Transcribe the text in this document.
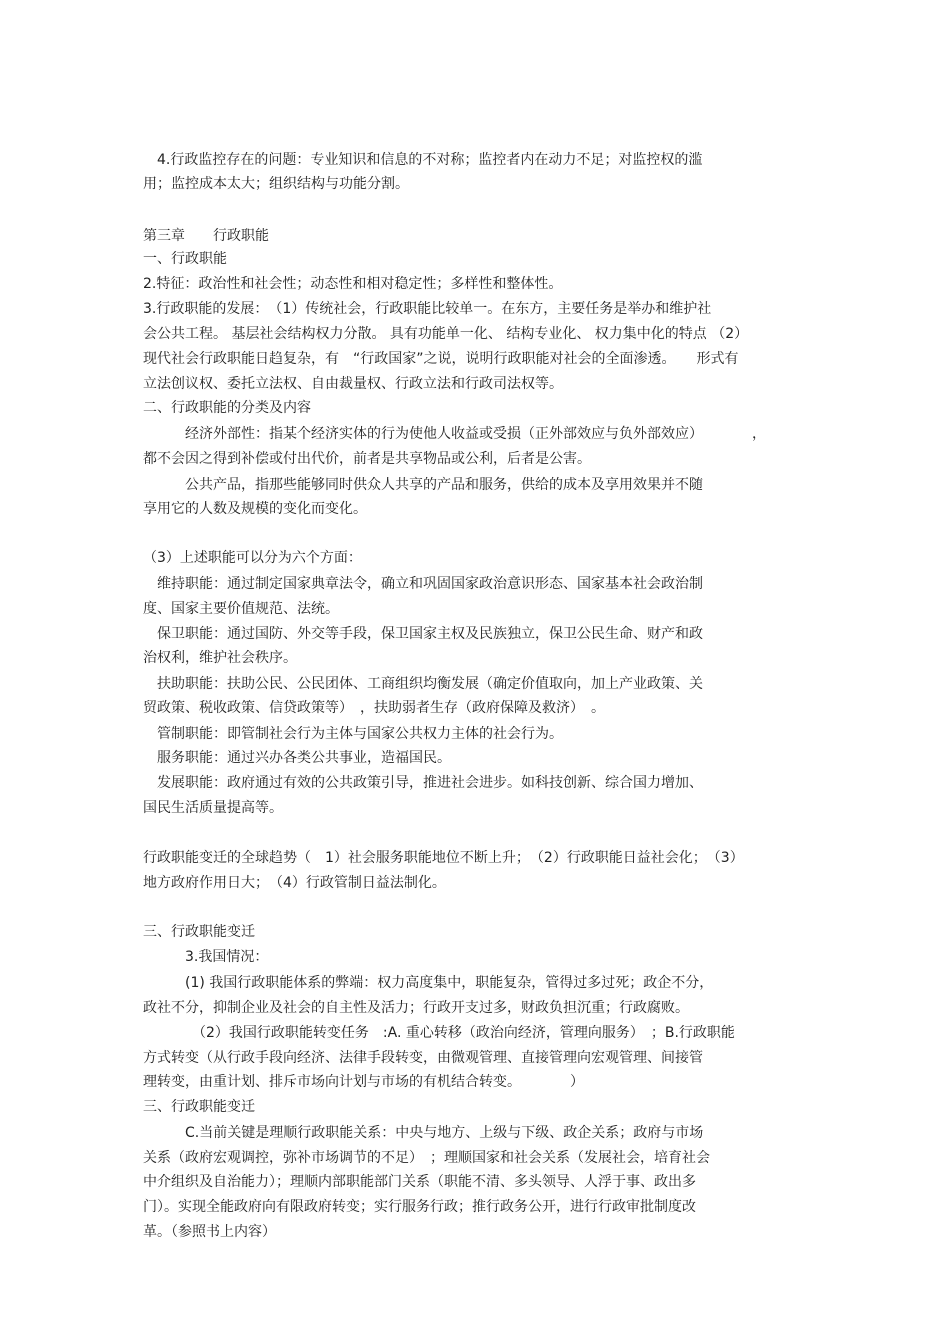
　4.行政监控存在的问题：专业知识和信息的不对称；监控者内在动力不足；对监控权的滥
用；监控成本太大；组织结构与功能分割。
第三章　　行政职能
一、行政职能
2.特征：政治性和社会性；动态性和相对稳定性；多样性和整体性。
3.行政职能的发展：　（1）传统社会，行政职能比较单一。在东方，主要任务是举办和维护社
会公共工程。 基层社会结构权力分散。 具有功能单一化、 结构专业化、 权力集中化的特点 （2）
现代社会行政职能日趋复杂，有　“行政国家”之说，说明行政职能对社会的全面渗透。　　形式有
立法创议权、委托立法权、自由裁量权、行政立法和行政司法权等。
二、行政职能的分类及内容
　　　经济外部性：指某个经济实体的行为使他人收益或受损（正外部效应与负外部效应）　　　　，
都不会因之得到补偿或付出代价，前者是共享物品或公利，后者是公害。
　　　公共产品，指那些能够同时供众人共享的产品和服务，供给的成本及享用效果并不随
享用它的人数及规模的变化而变化。
（3）上述职能可以分为六个方面：
　维持职能：通过制定国家典章法令，确立和巩固国家政治意识形态、国家基本社会政治制
度、国家主要价值规范、法统。
　保卫职能：通过国防、外交等手段，保卫国家主权及民族独立，保卫公民生命、财产和政
治权利，维护社会秩序。
　扶助职能：扶助公民、公民团体、工商组织均衡发展（确定价值取向，加上产业政策、关
贸政策、税收政策、信贷政策等）　，扶助弱者生存（政府保障及救济）　。
　管制职能：即管制社会行为主体与国家公共权力主体的社会行为。
　服务职能：通过兴办各类公共事业，造福国民。
　发展职能：政府通过有效的公共政策引导，推进社会进步。如科技创新、综合国力增加、
国民生活质量提高等。
行政职能变迁的全球趋势（　1）社会服务职能地位不断上升；　（2）行政职能日益社会化；　（3）
地方政府作用日大；　（4）行政管制日益法制化。
三、行政职能变迁
　　　3.我国情况：
　　　(1) 我国行政职能体系的弊端：权力高度集中，职能复杂，管得过多过死；政企不分，
政社不分，抑制企业及社会的自主性及活力；行政开支过多，财政负担沉重；行政腐败。
　　　　（2）我国行政职能转变任务　:A. 重心转移（政治向经济，管理向服务）　；B.行政职能
方式转变（从行政手段向经济、法律手段转变，由微观管理、直接管理向宏观管理、间接管
理转变，由重计划、排斥市场向计划与市场的有机结合转变。　　　　）
三、行政职能变迁
　　　C.当前关键是理顺行政职能关系：中央与地方、上级与下级、政企关系；政府与市场
关系（政府宏观调控，弥补市场调节的不足）　；理顺国家和社会关系（发展社会，培育社会
中介组织及自治能力）；理顺内部职能部门关系（职能不清、多头领导、人浮于事、政出多
门）。实现全能政府向有限政府转变；实行服务行政；推行政务公开，进行行政审批制度改
革。（参照书上内容）
